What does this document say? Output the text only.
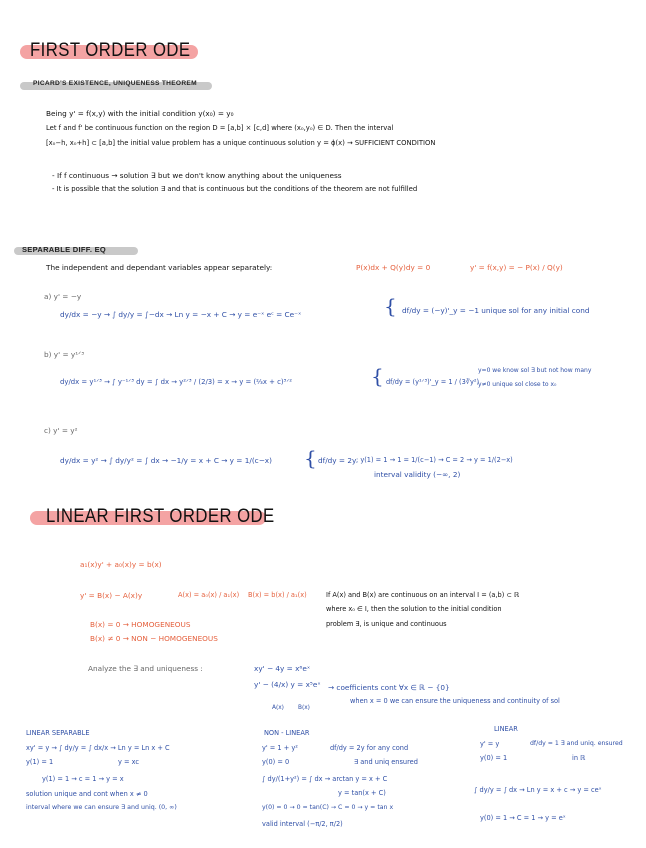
FIRST ORDER ODE
PICARD'S EXISTENCE, UNIQUENESS THEOREM
Being y' = f(x,y) with the initial condition y(x₀) = y₀
Let f and f' be continuous function on the region D = [a,b] × [c,d] where (x₀,y₀) ∈ D. Then the interval
[x₀−h, x₀+h] ⊂ [a,b] the initial value problem has a unique continuous solution y = ϕ(x) → SUFFICIENT CONDITION
- If f continuous → solution ∃ but we don't know anything about the uniqueness
- It is possible that the solution ∃ and that is continuous but the conditions of the theorem are not fulfilled
SEPARABLE DIFF. EQ
The independent and dependant variables appear separately:	P(x)dx + Q(y)dy = 0	y' = f(x,y) = − P(x) / Q(y)
a) y' = −y
dy/dx = −y → ∫ dy/y = ∫−dx → Ln y = −x + C → y = e⁻ˣ eᶜ = Ce⁻ˣ	{ df/dy = (−y)'_y = −1 unique sol for any initial cond
b) y' = y¹ᐟ³
dy/dx = y¹ᐟ³ → ∫ y⁻¹ᐟ³ dy = ∫ dx → y²ᐟ³ / (2/3) = x → y = (⅔x + c)³ᐟ²	{ df/dy = (y¹ᐟ³)'_y = 1 / (3∛y²)
y=0 we know sol ∃ but not how many
y≠0 unique sol close to x₀
c) y' = y²
dy/dx = y² → ∫ dy/y² = ∫ dx → −1/y = x + C → y = 1/(c−x) { df/dy = 2y ; y(1) = 1 → 1 = 1/(c−1) → C = 2 → y = 1/(2−x)
interval validity (−∞, 2)
LINEAR FIRST ORDER ODE
a₁(x)y' + a₀(x)y = b(x)
y' = B(x) − A(x)y	A(x) = a₀(x) / a₁(x) B(x) = b(x) / a₁(x)	If A(x) and B(x) are continuous on an interval I = (a,b) ⊂ ℝ
where x₀ ∈ I, then the solution to the initial condition
problem ∃, is unique and continuous
B(x) = 0 → HOMOGENEOUS
B(x) ≠ 0 → NON − HOMOGENEOUS
Analyze the ∃ and uniqueness :	xy' − 4y = x⁶eˣ
y' − (4/x) y = x⁵eˣ
A(x) B(x)
→ coefficients cont ∀x ∈ ℝ − {0}
when x = 0 we can ensure the uniqueness and continuity of sol
LINEAR SEPARABLE
xy' = y → ∫ dy/y = ∫ dx/x → Ln y = Ln x + C
y(1) = 1	y = xc
y(1) = 1 → c = 1 → y = x
solution unique and cont when x ≠ 0
interval where we can ensure ∃ and uniq. (0, ∞)
NON - LINEAR
y' = 1 + y²
y(0) = 0
df/dy = 2y for any cond
∃ and uniq ensured
∫ dy/(1+y²) = ∫ dx → arctan y = x + C
y = tan(x + C)
y(0) = 0 → 0 = tan(C) → C = 0 → y = tan x
valid interval (−π/2, π/2)
LINEAR
y' = y
y(0) = 1
df/dy = 1 ∃ and uniq. ensured
in ℝ
∫ dy/y = ∫ dx → Ln y = x + c → y = ceˣ
y(0) = 1 → C = 1 → y = eˣ
